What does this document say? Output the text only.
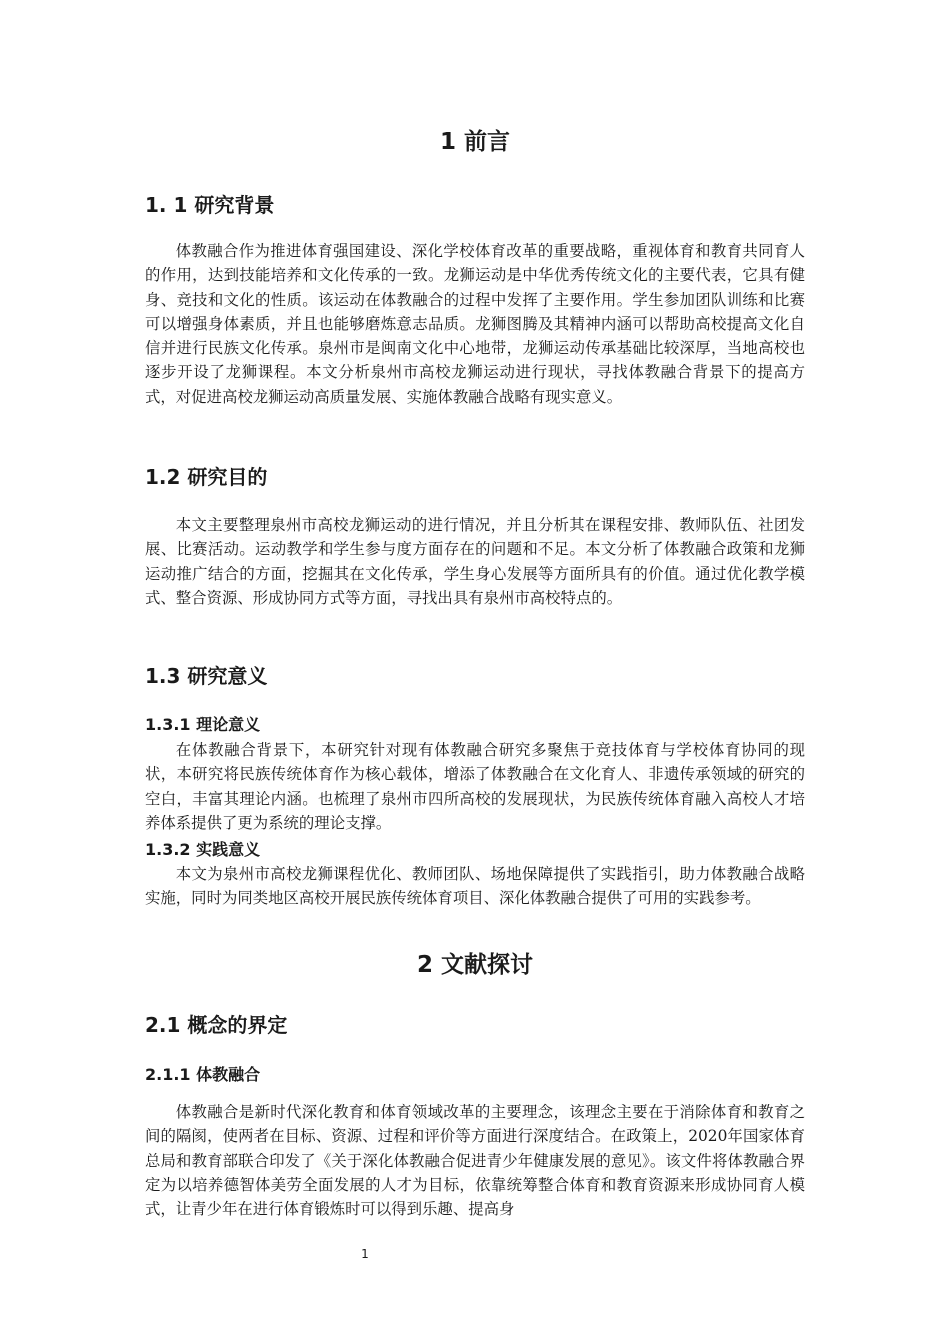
1 前言
1. 1 研究背景

体教融合作为推进体育强国建设、深化学校体育改革的重要战略，重视体育和教育共同育人的作用，达到技能培养和文化传承的一致。龙狮运动是中华优秀传统文化的主要代表，它具有健身、竞技和文化的性质。该运动在体教融合的过程中发挥了主要作用。学生参加团队训练和比赛可以增强身体素质，并且也能够磨炼意志品质。龙狮图腾及其精神内涵可以帮助高校提高文化自信并进行民族文化传承。泉州市是闽南文化中心地带，龙狮运动传承基础比较深厚，当地高校也逐步开设了龙狮课程。本文分析泉州市高校龙狮运动进行现状，寻找体教融合背景下的提高方式，对促进高校龙狮运动高质量发展、实施体教融合战略有现实意义。

1.2 研究目的

本文主要整理泉州市高校龙狮运动的进行情况，并且分析其在课程安排、教师队伍、社团发展、比赛活动。运动教学和学生参与度方面存在的问题和不足。本文分析了体教融合政策和龙狮运动推广结合的方面，挖掘其在文化传承，学生身心发展等方面所具有的价值。通过优化教学模式、整合资源、形成协同方式等方面，寻找出具有泉州市高校特点的。

1.3 研究意义
1.3.1 理论意义

在体教融合背景下，本研究针对现有体教融合研究多聚焦于竞技体育与学校体育协同的现状，本研究将民族传统体育作为核心载体，增添了体教融合在文化育人、非遗传承领域的研究的空白，丰富其理论内涵。也梳理了泉州市四所高校的发展现状，为民族传统体育融入高校人才培养体系提供了更为系统的理论支撑。

1.3.2 实践意义

本文为泉州市高校龙狮课程优化、教师团队、场地保障提供了实践指引，助力体教融合战略实施，同时为同类地区高校开展民族传统体育项目、深化体教融合提供了可用的实践参考。

2 文献探讨
2.1 概念的界定
2.1.1 体教融合

体教融合是新时代深化教育和体育领域改革的主要理念，该理念主要在于消除体育和教育之间的隔阂，使两者在目标、资源、过程和评价等方面进行深度结合。在政策上，2020年国家体育总局和教育部联合印发了《关于深化体教融合促进青少年健康发展的意见》。该文件将体教融合界定为以培养德智体美劳全面发展的人才为目标，依靠统筹整合体育和教育资源来形成协同育人模式，让青少年在进行体育锻炼时可以得到乐趣、提高身

1
